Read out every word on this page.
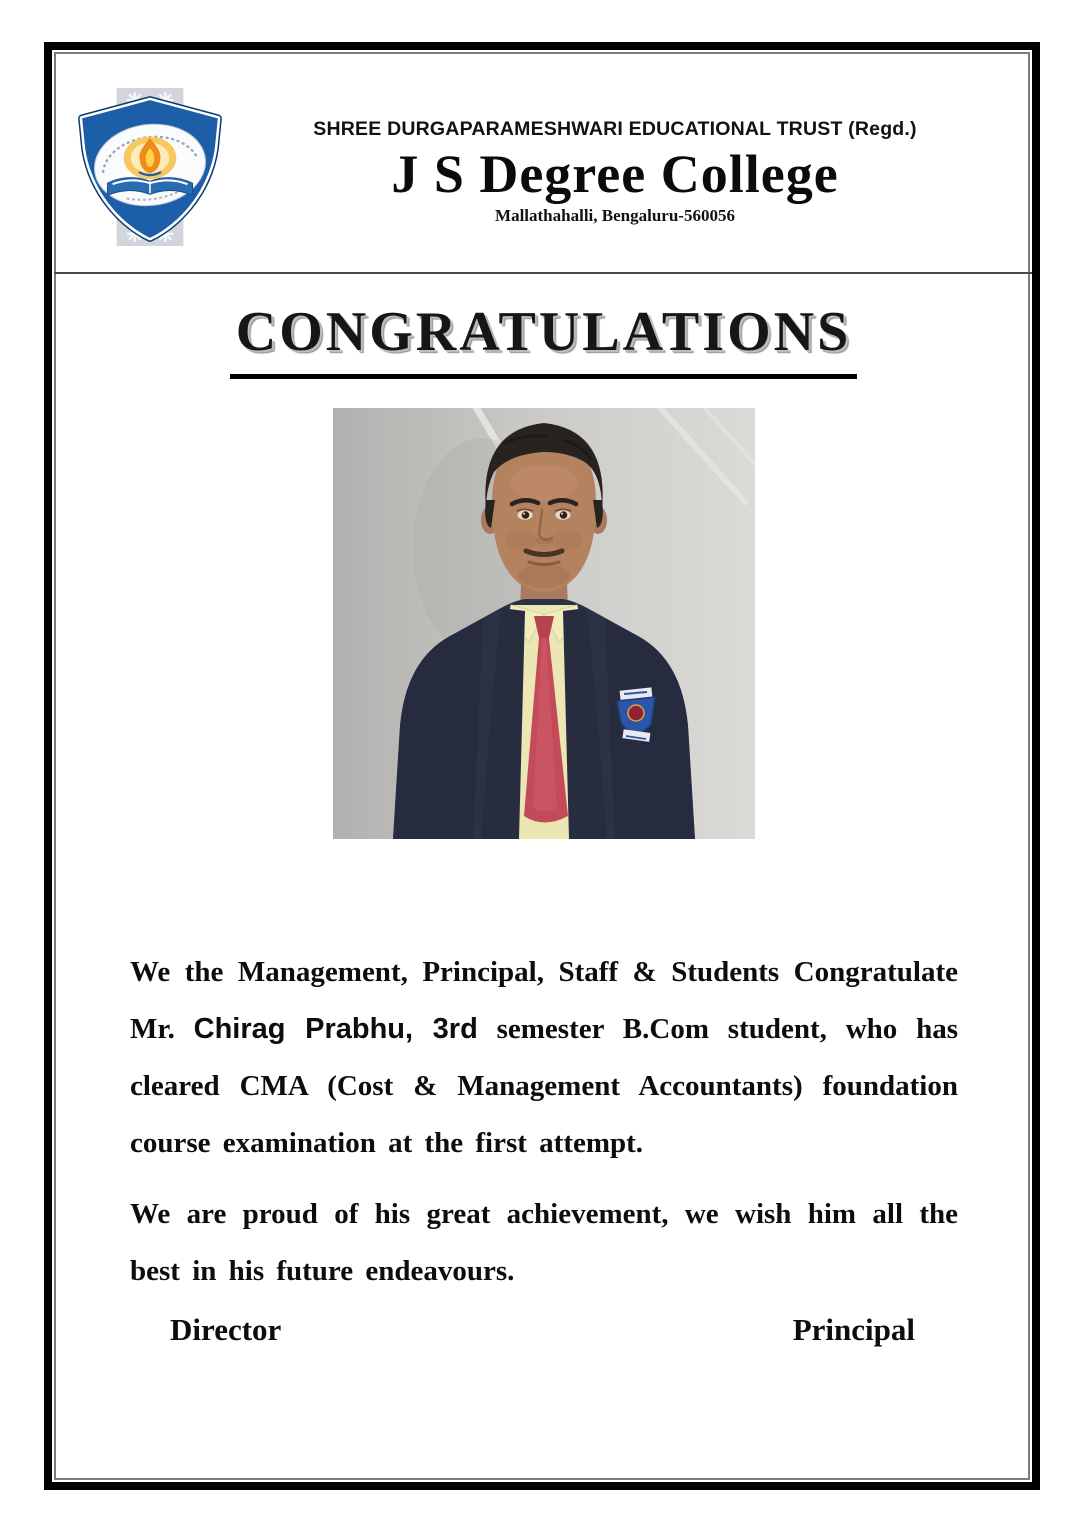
SHREE DURGAPARAMESHWARI EDUCATIONAL TRUST (Regd.)
J S Degree College
Mallathahalli, Bengaluru-560056
CONGRATULATIONS

We the Management, Principal, Staff & Students Congratulate Mr. Chirag Prabhu, 3rd semester B.Com student, who has cleared CMA (Cost & Management Accountants) foundation course examination at the first attempt.

We are proud of his great achievement, we wish him all the best in his future endeavours.

Director	Principal
